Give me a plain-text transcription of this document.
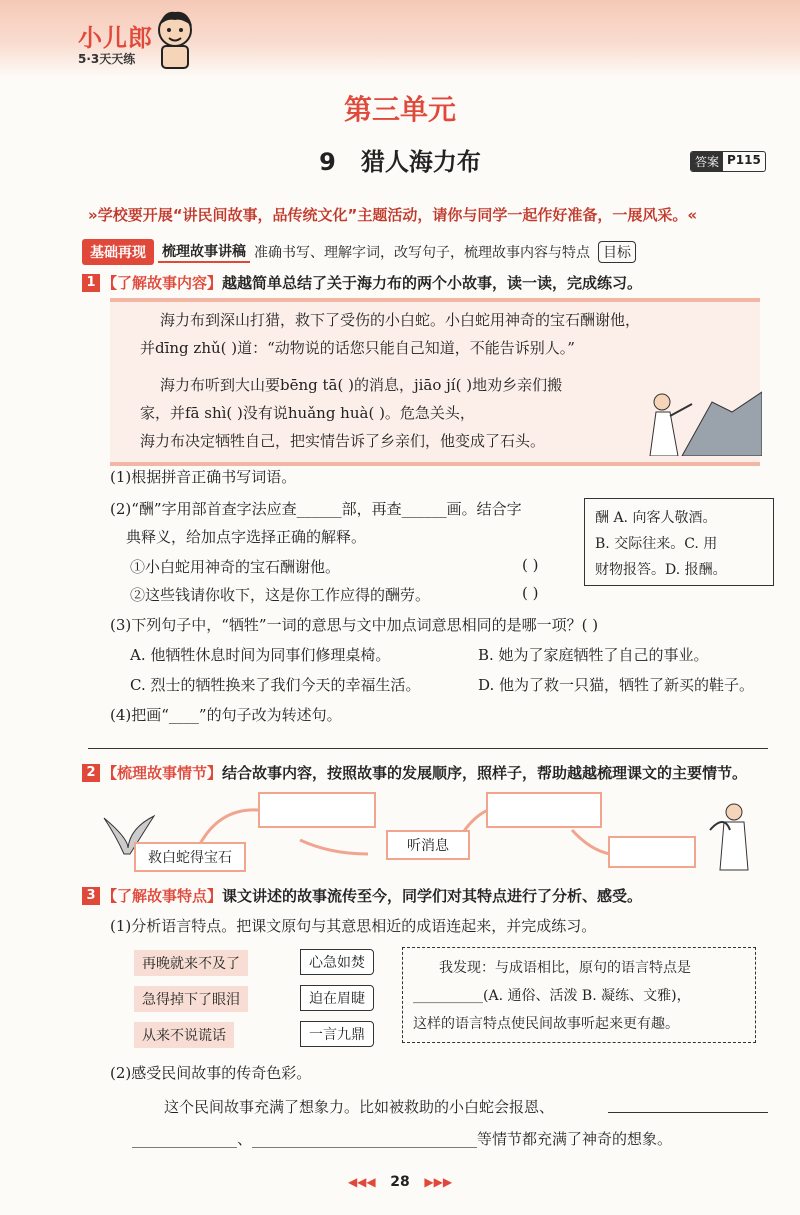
小儿郎
5·3天天练
第三单元
9 猎人海力布	答案 P115
»学校要开展“讲民间故事，品传统文化”主题活动，请你与同学一起作好准备，一展风采。«
基础再现	梳理故事讲稿 准确书写、理解字词，改写句子，梳理故事内容与特点 目标
1 【了解故事内容】 越越简单总结了关于海力布的两个小故事，读一读，完成练习。
海力布到深山打猎，救下了受伤的小白蛇。小白蛇用神奇的宝石酬谢他，
并dīng zhǔ( )道：“动物说的话您只能自己知道，不能告诉别人。”
海力布听到大山要bēng tā( )的消息，jiāo jí( )地劝乡亲们搬
家，并fā shì( )没有说huǎng huà( )。危急关头，
海力布决定牺牲自己，把实情告诉了乡亲们，他变成了石头。
(1)根据拼音正确书写词语。
(2)“酬”字用部首查字法应查______部，再查______画。结合字
典释义，给加点字选择正确的解释。
①小白蛇用神奇的宝石酬谢他。	( )
②这些钱请你收下，这是你工作应得的酬劳。	( )
酬 A. 向客人敬酒。
B. 交际往来。C. 用
财物报答。D. 报酬。
(3)下列句子中，“牺牲”一词的意思与文中加点词意思相同的是哪一项？( )
A. 他牺牲休息时间为同事们修理桌椅。	B. 她为了家庭牺牲了自己的事业。
C. 烈士的牺牲换来了我们今天的幸福生活。	D. 他为了救一只猫，牺牲了新买的鞋子。
(4)把画“____”的句子改为转述句。
2 【梳理故事情节】 结合故事内容，按照故事的发展顺序，照样子，帮助越越梳理课文的主要情节。
救白蛇得宝石
听消息
3 【了解故事特点】 课文讲述的故事流传至今，同学们对其特点进行了分析、感受。
(1)分析语言特点。把课文原句与其意思相近的成语连起来，并完成练习。
再晚就来不及了
急得掉下了眼泪
从来不说谎话
心急如焚
迫在眉睫
一言九鼎
我发现：与成语相比，原句的语言特点是
__________(A. 通俗、活泼 B. 凝练、文雅)，
这样的语言特点使民间故事听起来更有趣。
(2)感受民间故事的传奇色彩。
这个民间故事充满了想象力。比如被救助的小白蛇会报恩、
______________、______________________________等情节都充满了神奇的想象。
◀◀◀ 28 ▶▶▶
